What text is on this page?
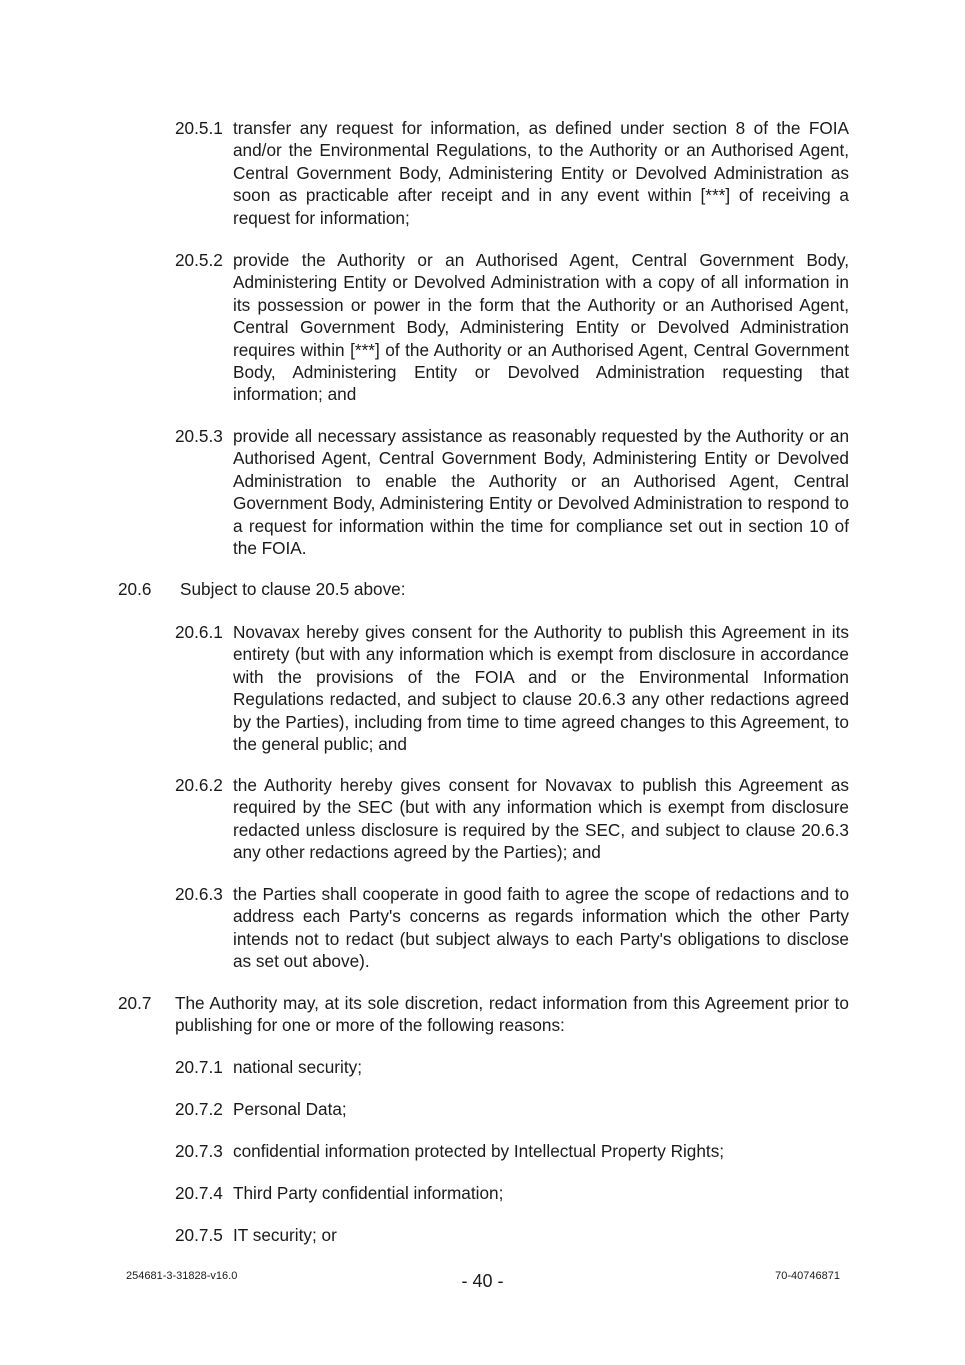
20.5.1 transfer any request for information, as defined under section 8 of the FOIA and/or the Environmental Regulations, to the Authority or an Authorised Agent, Central Government Body, Administering Entity or Devolved Administration as soon as practicable after receipt and in any event within [***] of receiving a request for information;
20.5.2 provide the Authority or an Authorised Agent, Central Government Body, Administering Entity or Devolved Administration with a copy of all information in its possession or power in the form that the Authority or an Authorised Agent, Central Government Body, Administering Entity or Devolved Administration requires within [***] of the Authority or an Authorised Agent, Central Government Body, Administering Entity or Devolved Administration requesting that information; and
20.5.3 provide all necessary assistance as reasonably requested by the Authority or an Authorised Agent, Central Government Body, Administering Entity or Devolved Administration to enable the Authority or an Authorised Agent, Central Government Body, Administering Entity or Devolved Administration to respond to a request for information within the time for compliance set out in section 10 of the FOIA.
20.6 Subject to clause 20.5 above:
20.6.1 Novavax hereby gives consent for the Authority to publish this Agreement in its entirety (but with any information which is exempt from disclosure in accordance with the provisions of the FOIA and or the Environmental Information Regulations redacted, and subject to clause 20.6.3 any other redactions agreed by the Parties), including from time to time agreed changes to this Agreement, to the general public; and
20.6.2 the Authority hereby gives consent for Novavax to publish this Agreement as required by the SEC (but with any information which is exempt from disclosure redacted unless disclosure is required by the SEC, and subject to clause 20.6.3 any other redactions agreed by the Parties); and
20.6.3 the Parties shall cooperate in good faith to agree the scope of redactions and to address each Party's concerns as regards information which the other Party intends not to redact (but subject always to each Party's obligations to disclose as set out above).
20.7 The Authority may, at its sole discretion, redact information from this Agreement prior to publishing for one or more of the following reasons:
20.7.1 national security;
20.7.2 Personal Data;
20.7.3 confidential information protected by Intellectual Property Rights;
20.7.4 Third Party confidential information;
20.7.5 IT security; or
254681-3-31828-v16.0	- 40 -	70-40746871
